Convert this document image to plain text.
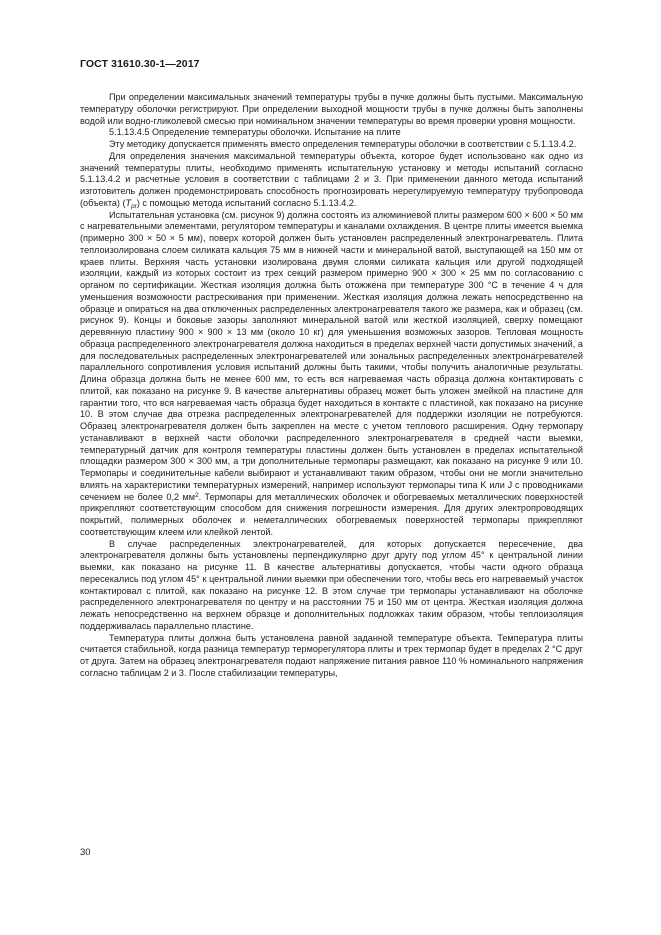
ГОСТ 31610.30-1—2017

При определении максимальных значений температуры трубы в пучке должны быть пустыми. Максимальную температуру оболочки регистрируют. При определении выходной мощности трубы в пучке должны быть заполнены водой или водно-гликолевой смесью при номинальном значении температуры во время проверки уровня мощности.

5.1.13.4.5 Определение температуры оболочки. Испытание на плите

Эту методику допускается применять вместо определения температуры оболочки в соответствии с 5.1.13.4.2.

Для определения значения максимальной температуры объекта, которое будет использовано как одно из значений температуры плиты, необходимо применять испытательную установку и методы испытаний согласно 5.1.13.4.2 и расчетные условия в соответствии с таблицами 2 и 3. При применении данного метода испытаний изготовитель должен продемонстрировать способность прогнозировать нерегулируемую температуру трубопровода (объекта) $(T_{pr})$ с помощью метода испытаний согласно 5.1.13.4.2.

Испытательная установка (см. рисунок 9) должна состоять из алюминиевой плиты размером 600 × 600 × 50 мм с нагревательными элементами, регулятором температуры и каналами охлаждения. В центре плиты имеется выемка (примерно 300 × 50 × 5 мм), поверх которой должен быть установлен распределенный электронагреватель. Плита теплоизолирована слоем силиката кальция 75 мм в нижней части и минеральной ватой, выступающей на 150 мм от краев плиты. Верхняя часть установки изолирована двумя слоями силиката кальция или другой подходящей изоляции, каждый из которых состоит из трех секций размером примерно 900 × 300 × 25 мм по согласованию с органом по сертификации. Жесткая изоляция должна быть отожжена при температуре 300 °С в течение 4 ч для уменьшения возможности растрескивания при применении. Жесткая изоляция должна лежать непосредственно на образце и опираться на два отключенных распределенных электронагревателя такого же размера, как и образец (см. рисунок 9). Концы и боковые зазоры заполняют минеральной ватой или жесткой изоляцией, сверху помещают деревянную пластину 900 × 900 × 13 мм (около 10 кг) для уменьшения возможных зазоров. Тепловая мощность образца распределенного электронагревателя должна находиться в пределах верхней части допустимых значений, а для последовательных распределенных электронагревателей или зональных распределенных электронагревателей параллельного сопротивления условия испытаний должны быть такими, чтобы получить аналогичные результаты. Длина образца должна быть не менее 600 мм, то есть вся нагреваемая часть образца должна контактировать с плитой, как показано на рисунке 9. В качестве альтернативы образец может быть уложен змейкой на пластине для гарантии того, что вся нагреваемая часть образца будет находиться в контакте с пластиной, как показано на рисунке 10. В этом случае два отрезка распределенных электронагревателей для поддержки изоляции не потребуются. Образец электронагревателя должен быть закреплен на месте с учетом теплового расширения. Одну термопару устанавливают в верхней части оболочки распределенного электронагревателя в средней части выемки, температурный датчик для контроля температуры пластины должен быть установлен в пределах испытательной площадки размером 300 × 300 мм, а три дополнительные термопары размещают, как показано на рисунке 9 или 10. Термопары и соединительные кабели выбирают и устанавливают таким образом, чтобы они не могли значительно влиять на характеристики температурных измерений, например используют термопары типа K или J с проводниками сечением не более 0,2 $мм^2$. Термопары для металлических оболочек и обогреваемых металлических поверхностей прикрепляют соответствующим способом для снижения погрешности измерения. Для других электропроводящих покрытий, полимерных оболочек и неметаллических обогреваемых поверхностей термопары прикрепляют соответствующим клеем или клейкой лентой.

В случае распределенных электронагревателей, для которых допускается пересечение, два электронагревателя должны быть установлены перпендикулярно друг другу под углом 45° к центральной линии выемки, как показано на рисунке 11. В качестве альтернативы допускается, чтобы части одного образца пересекались под углом 45° к центральной линии выемки при обеспечении того, чтобы весь его нагреваемый участок контактировал с плитой, как показано на рисунке 12. В этом случае три термопары устанавливают на оболочке распределенного электронагревателя по центру и на расстоянии 75 и 150 мм от центра. Жесткая изоляция должна лежать непосредственно на верхнем образце и дополнительных подложках таким образом, чтобы теплоизоляция поддерживалась параллельно пластине.

Температура плиты должна быть установлена равной заданной температуре объекта. Температура плиты считается стабильной, когда разница температур терморегулятора плиты и трех термопар будет в пределах 2 °С друг от друга. Затем на образец электронагревателя подают напряжение питания равное 110 % номинального напряжения согласно таблицам 2 и 3. После стабилизации температуры,

30
